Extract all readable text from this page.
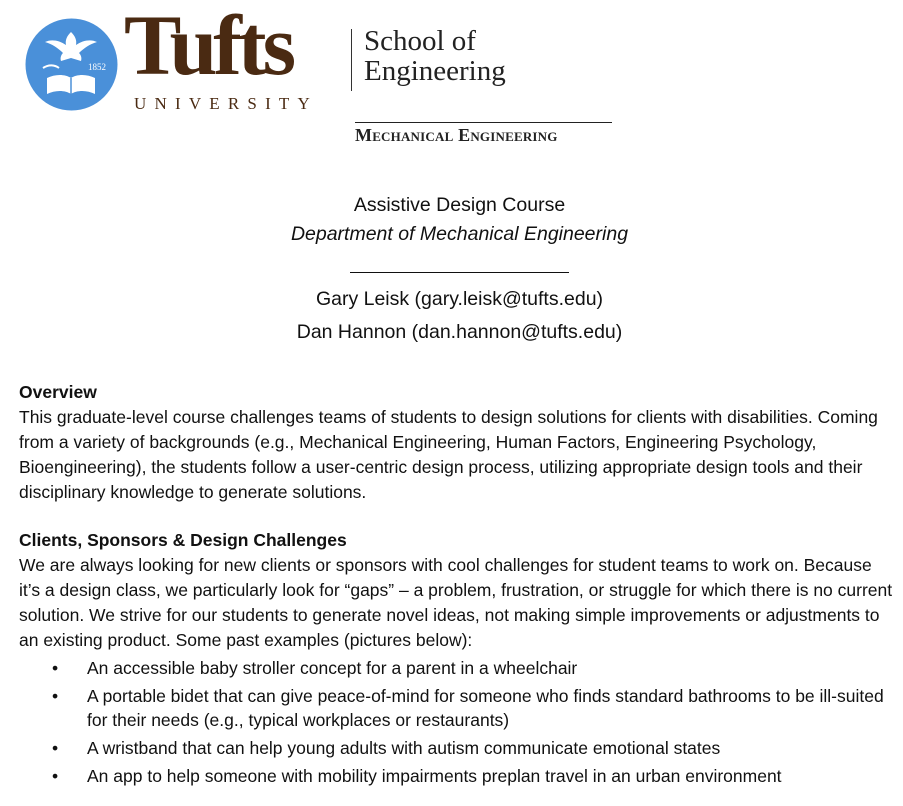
1852 Tufts
UNIVERSITY
School of
Engineering
Mechanical Engineering
Assistive Design Course
Department of Mechanical Engineering
Gary Leisk (gary.leisk@tufts.edu)
Dan Hannon (dan.hannon@tufts.edu)
Overview

This graduate-level course challenges teams of students to design solutions for clients with disabilities. Coming from a variety of backgrounds (e.g., Mechanical Engineering, Human Factors, Engineering Psychology, Bioengineering), the students follow a user-centric design process, utilizing appropriate design tools and their disciplinary knowledge to generate solutions.

Clients, Sponsors & Design Challenges

We are always looking for new clients or sponsors with cool challenges for student teams to work on. Because it’s a design class, we particularly look for “gaps” – a problem, frustration, or struggle for which there is no current solution. We strive for our students to generate novel ideas, not making simple improvements or adjustments to an existing product. Some past examples (pictures below):

• An accessible baby stroller concept for a parent in a wheelchair
• A portable bidet that can give peace-of-mind for someone who finds standard bathrooms to be ill-suited for their needs (e.g., typical workplaces or restaurants)
• A wristband that can help young adults with autism communicate emotional states
• An app to help someone with mobility impairments preplan travel in an urban environment
